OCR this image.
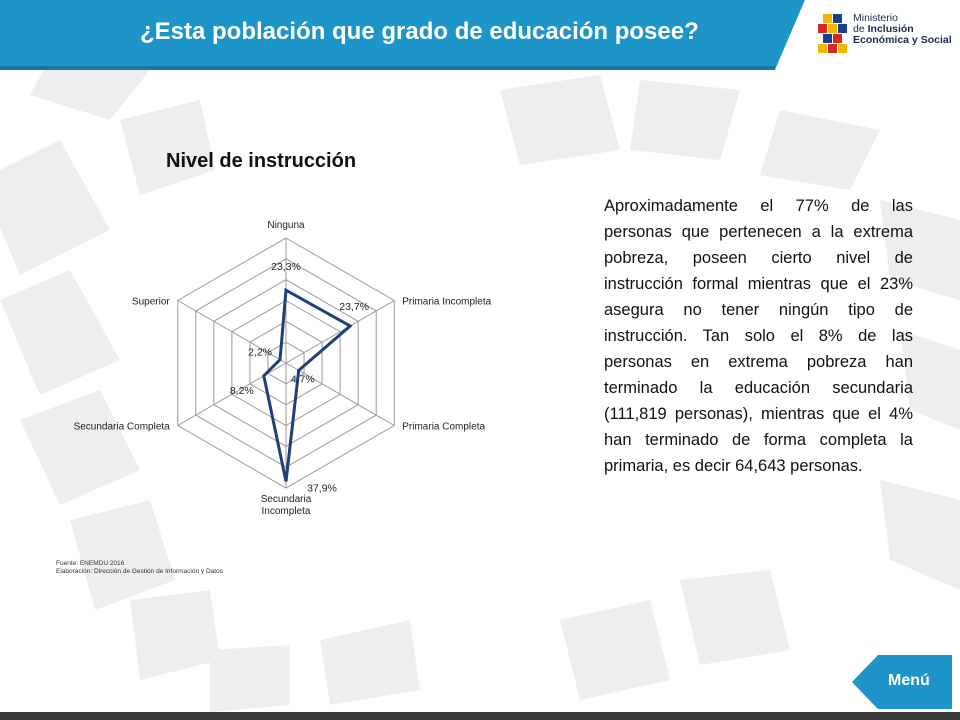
¿Esta población que grado de educación posee?	Ministerio
de Inclusión
Económica y Social
Nivel de instrucción
Ninguna
Primaria Incompleta
Primaria Completa
Secundaria Incompleta
Secundaria Completa
Superior
23,3%
23,7%
4,7%
37,9%
8,2%
2,2%
Fuente: ENEMDU 2016
Elaboración: Dirección de Gestión de Información y Datos
Aproximadamente el 77% de las personas que pertenecen a la extrema pobreza, poseen cierto nivel de instrucción formal mientras que el 23% asegura no tener ningún tipo de instrucción. Tan solo el 8% de las personas en extrema pobreza han terminado la educación secundaria (111,819 personas), mientras que el 4% han terminado de forma completa la primaria, es decir 64,643 personas.
Menú
